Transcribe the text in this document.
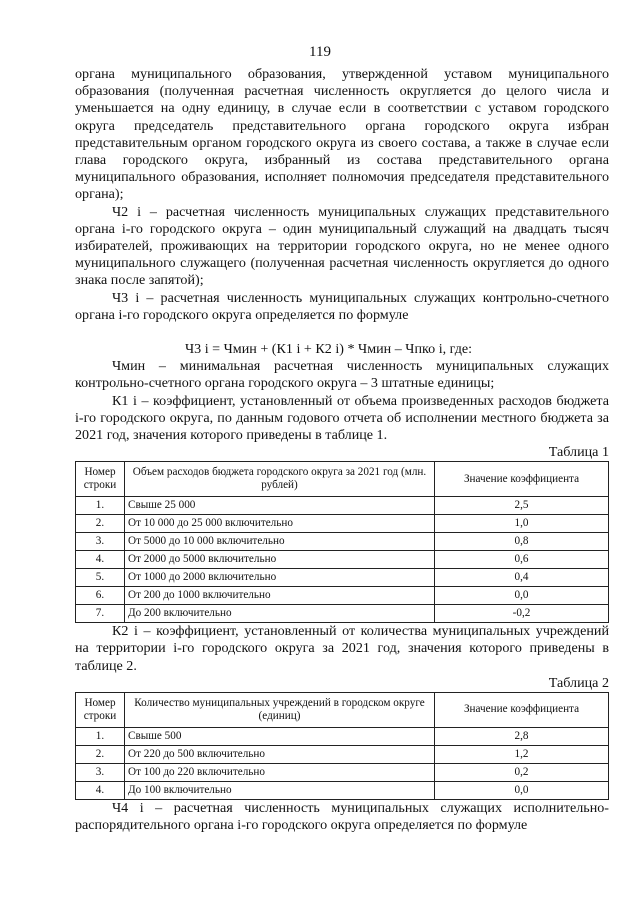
119

органа муниципального образования, утвержденной уставом муниципального образования (полученная расчетная численность округляется до целого числа и уменьшается на одну единицу, в случае если в соответствии с уставом городского округа председатель представительного органа городского округа избран представительным органом городского округа из своего состава, а также в случае если глава городского округа, избранный из состава представительного органа муниципального образования, исполняет полномочия председателя представительного органа);

Ч2 i – расчетная численность муниципальных служащих представительного органа i-го городского округа – один муниципальный служащий на двадцать тысяч избирателей, проживающих на территории городского округа, но не менее одного муниципального служащего (полученная расчетная численность округляется до одного знака после запятой);

Ч3 i – расчетная численность муниципальных служащих контрольно-счетного органа i-го городского округа определяется по формуле

Ч3 i = Чмин + (К1 i + К2 i) * Чмин – Чпко i, где:

Чмин – минимальная расчетная численность муниципальных служащих контрольно-счетного органа городского округа – 3 штатные единицы;

К1 i – коэффициент, установленный от объема произведенных расходов бюджета i-го городского округа, по данным годового отчета об исполнении местного бюджета за 2021 год, значения которого приведены в таблице 1.

Таблица 1

Номер строки	Объем расходов бюджета городского округа за 2021 год (млн. рублей)	Значение коэффициента
1.	Свыше 25 000	2,5
2.	От 10 000 до 25 000 включительно	1,0
3.	От 5000 до 10 000 включительно	0,8
4.	От 2000 до 5000 включительно	0,6
5.	От 1000 до 2000 включительно	0,4
6.	От 200 до 1000 включительно	0,0
7.	До 200 включительно	-0,2

К2 i – коэффициент, установленный от количества муниципальных учреждений на территории i-го городского округа за 2021 год, значения которого приведены в таблице 2.

Таблица 2

Номер строки	Количество муниципальных учреждений в городском округе (единиц)	Значение коэффициента
1.	Свыше 500	2,8
2.	От 220 до 500 включительно	1,2
3.	От 100 до 220 включительно	0,2
4.	До 100 включительно	0,0

Ч4 i – расчетная численность муниципальных служащих исполнительно-распорядительного органа i-го городского округа определяется по формуле
